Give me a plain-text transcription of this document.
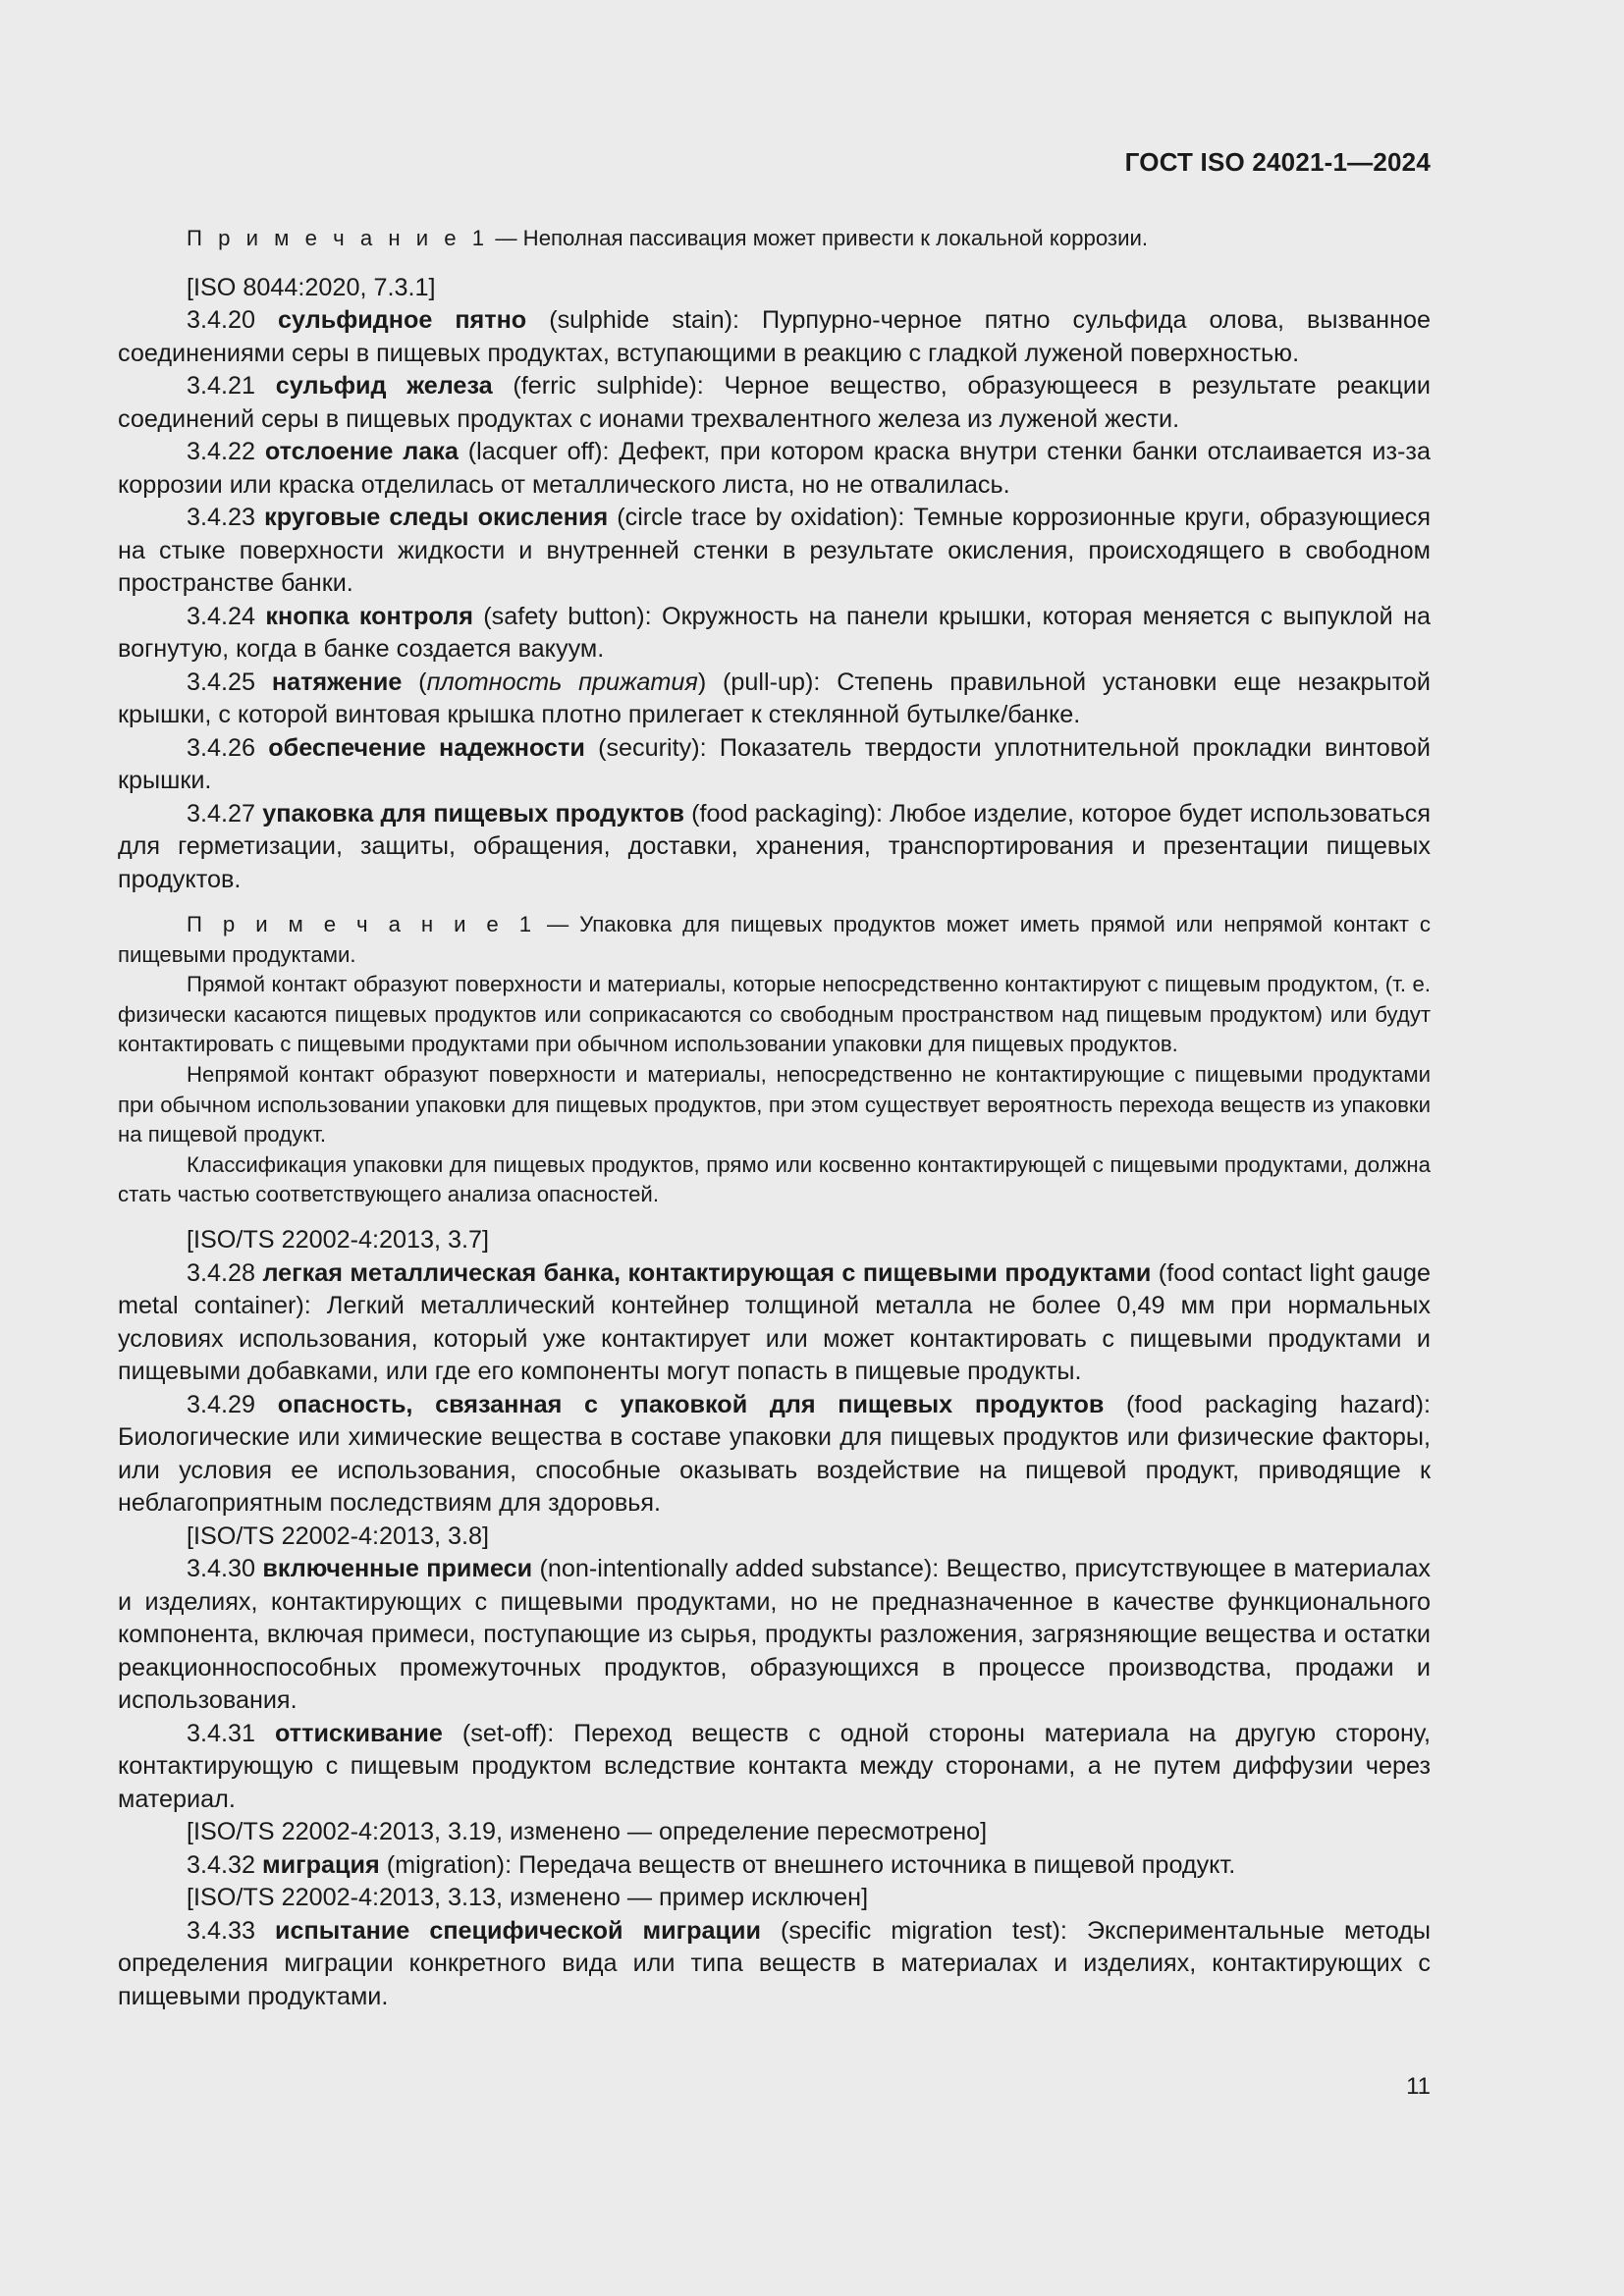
ГОСТ ISO 24021-1—2024

П р и м е ч а н и е 1 — Неполная пассивация может привести к локальной коррозии.

[ISO 8044:2020, 7.3.1]

3.4.20 сульфидное пятно (sulphide stain): Пурпурно-черное пятно сульфида олова, вызванное соединениями серы в пищевых продуктах, вступающими в реакцию с гладкой луженой поверхностью.

3.4.21 сульфид железа (ferric sulphide): Черное вещество, образующееся в результате реакции соединений серы в пищевых продуктах с ионами трехвалентного железа из луженой жести.

3.4.22 отслоение лака (lacquer off): Дефект, при котором краска внутри стенки банки отслаивается из-за коррозии или краска отделилась от металлического листа, но не отвалилась.

3.4.23 круговые следы окисления (circle trace by oxidation): Темные коррозионные круги, образующиеся на стыке поверхности жидкости и внутренней стенки в результате окисления, происходящего в свободном пространстве банки.

3.4.24 кнопка контроля (safety button): Окружность на панели крышки, которая меняется с выпуклой на вогнутую, когда в банке создается вакуум.

3.4.25 натяжение (плотность прижатия) (pull-up): Степень правильной установки еще незакрытой крышки, с которой винтовая крышка плотно прилегает к стеклянной бутылке/банке.

3.4.26 обеспечение надежности (security): Показатель твердости уплотнительной прокладки винтовой крышки.

3.4.27 упаковка для пищевых продуктов (food packaging): Любое изделие, которое будет использоваться для герметизации, защиты, обращения, доставки, хранения, транспортирования и презентации пищевых продуктов.

П р и м е ч а н и е 1 — Упаковка для пищевых продуктов может иметь прямой или непрямой контакт с пищевыми продуктами.

Прямой контакт образуют поверхности и материалы, которые непосредственно контактируют с пищевым продуктом, (т. е. физически касаются пищевых продуктов или соприкасаются со свободным пространством над пищевым продуктом) или будут контактировать с пищевыми продуктами при обычном использовании упаковки для пищевых продуктов.

Непрямой контакт образуют поверхности и материалы, непосредственно не контактирующие с пищевыми продуктами при обычном использовании упаковки для пищевых продуктов, при этом существует вероятность перехода веществ из упаковки на пищевой продукт.

Классификация упаковки для пищевых продуктов, прямо или косвенно контактирующей с пищевыми продуктами, должна стать частью соответствующего анализа опасностей.

[ISO/TS 22002-4:2013, 3.7]

3.4.28 легкая металлическая банка, контактирующая с пищевыми продуктами (food contact light gauge metal container): Легкий металлический контейнер толщиной металла не более 0,49 мм при нормальных условиях использования, который уже контактирует или может контактировать с пищевыми продуктами и пищевыми добавками, или где его компоненты могут попасть в пищевые продукты.

3.4.29 опасность, связанная с упаковкой для пищевых продуктов (food packaging hazard): Биологические или химические вещества в составе упаковки для пищевых продуктов или физические факторы, или условия ее использования, способные оказывать воздействие на пищевой продукт, приводящие к неблагоприятным последствиям для здоровья.

[ISO/TS 22002-4:2013, 3.8]

3.4.30 включенные примеси (non-intentionally added substance): Вещество, присутствующее в материалах и изделиях, контактирующих с пищевыми продуктами, но не предназначенное в качестве функционального компонента, включая примеси, поступающие из сырья, продукты разложения, загрязняющие вещества и остатки реакционноспособных промежуточных продуктов, образующихся в процессе производства, продажи и использования.

3.4.31 оттискивание (set-off): Переход веществ с одной стороны материала на другую сторону, контактирующую с пищевым продуктом вследствие контакта между сторонами, а не путем диффузии через материал.

[ISO/TS 22002-4:2013, 3.19, изменено — определение пересмотрено]

3.4.32 миграция (migration): Передача веществ от внешнего источника в пищевой продукт.

[ISO/TS 22002-4:2013, 3.13, изменено — пример исключен]

3.4.33 испытание специфической миграции (specific migration test): Экспериментальные методы определения миграции конкретного вида или типа веществ в материалах и изделиях, контактирующих с пищевыми продуктами.

11
